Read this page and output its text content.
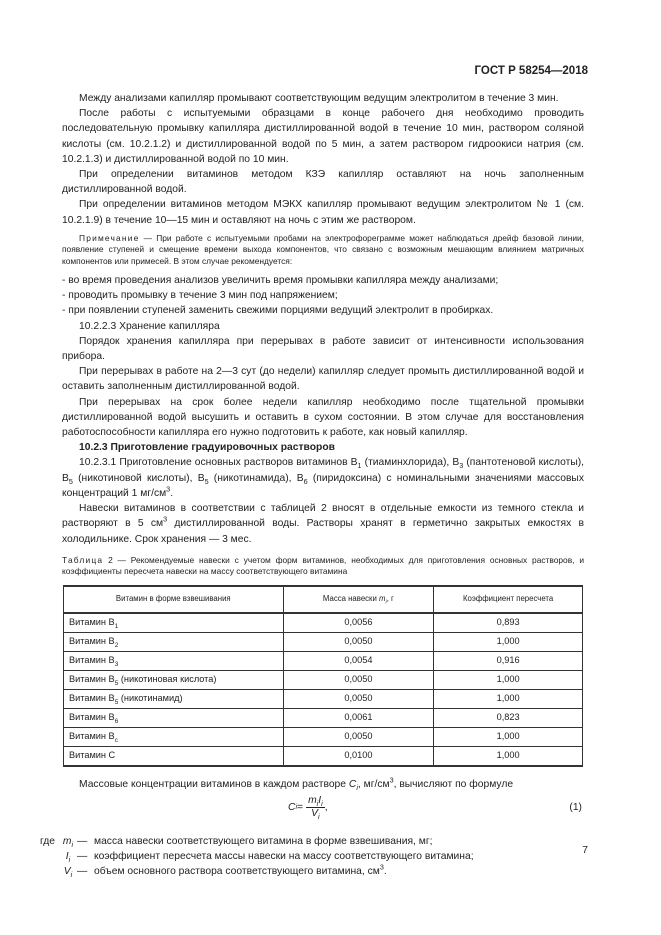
ГОСТ Р 58254—2018

Между анализами капилляр промывают соответствующим ведущим электролитом в течение 3 мин.

После работы с испытуемыми образцами в конце рабочего дня необходимо проводить последовательную промывку капилляра дистиллированной водой в течение 10 мин, раствором соляной кислоты (см. 10.2.1.2) и дистиллированной водой по 5 мин, а затем раствором гидроокиси натрия (см. 10.2.1.3) и дистиллированной водой по 10 мин.

При определении витаминов методом КЗЭ капилляр оставляют на ночь заполненным дистиллированной водой.

При определении витаминов методом МЭКХ капилляр промывают ведущим электролитом № 1 (см. 10.2.1.9) в течение 10—15 мин и оставляют на ночь с этим же раствором.

Примечание — При работе с испытуемыми пробами на электрофореграмме может наблюдаться дрейф базовой линии, появление ступеней и смещение времени выхода компонентов, что связано с возможным мешающим влиянием матричных компонентов или примесей. В этом случае рекомендуется:

- во время проведения анализов увеличить время промывки капилляра между анализами;

- проводить промывку в течение 3 мин под напряжением;

- при появлении ступеней заменить свежими порциями ведущий электролит в пробирках.

10.2.2.3 Хранение капилляра

Порядок хранения капилляра при перерывах в работе зависит от интенсивности использования прибора.

При перерывах в работе на 2—3 сут (до недели) капилляр следует промыть дистиллированной водой и оставить заполненным дистиллированной водой.

При перерывах на срок более недели капилляр необходимо после тщательной промывки дистиллированной водой высушить и оставить в сухом состоянии. В этом случае для восстановления работоспособности капилляра его нужно подготовить к работе, как новый капилляр.

10.2.3 Приготовление градуировочных растворов

10.2.3.1 Приготовление основных растворов витаминов $В_1$ (тиаминхлорида), $В_3$ (пантотеновой кислоты), $В_5$ (никотиновой кислоты), $В_5$ (никотинамида), $В_6$ (пиридоксина) с номинальными значениями массовых концентраций 1 $мг/см^3$.

Навески витаминов в соответствии с таблицей 2 вносят в отдельные емкости из темного стекла и растворяют в 5 $см^3$ дистиллированной воды. Растворы хранят в герметично закрытых емкостях в холодильнике. Срок хранения — 3 мес.

Таблица 2 — Рекомендуемые навески с учетом форм витаминов, необходимых для приготовления основных растворов, и коэффициенты пересчета навески на массу соответствующего витамина

Витамин в форме взвешивания	Масса навески $m_i$, г	Коэффициент пересчета
Витамин $В_1$	0,0056	0,893
Витамин $В_2$	0,0050	1,000
Витамин $В_3$	0,0054	0,916
Витамин $В_5$ (никотиновая кислота)	0,0050	1,000
Витамин $В_5$ (никотинамид)	0,0050	1,000
Витамин $В_6$	0,0061	0,823
Витамин $В_c$	0,0050	1,000
Витамин С	0,0100	1,000

Массовые концентрации витаминов в каждом растворе $C_i$, $мг/см^3$, вычисляют по формуле

C $i = \frac{m_iI_i}{V_i}$ ,	(1)
где $m_i$ — масса навески соответствующего витамина в форме взвешивания, мг;
$I_i$ — коэффициент пересчета массы навески на массу соответствующего витамина;
$V_i$ — объем основного раствора соответствующего витамина, $см^3$.
7
